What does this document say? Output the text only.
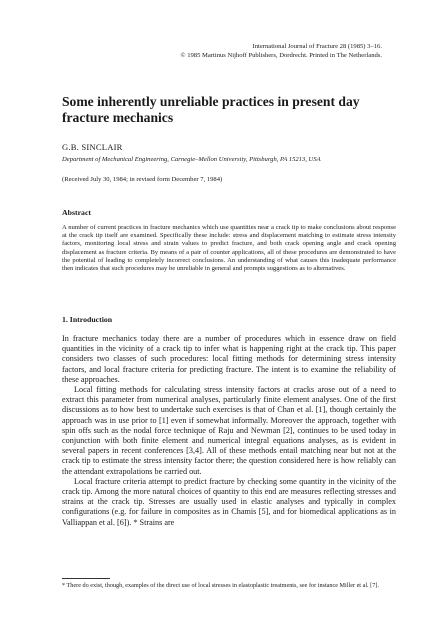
International Journal of Fracture 28 (1985) 3–16.
© 1985 Martinus Nijhoff Publishers, Dordrecht. Printed in The Netherlands.
Some inherently unreliable practices in present day fracture mechanics
G.B. SINCLAIR
Department of Mechanical Engineering, Carnegie–Mellon University, Pittsburgh, PA 15213, USA
(Received July 30, 1984; in revised form December 7, 1984)
Abstract
A number of current practices in fracture mechanics which use quantities near a crack tip to make conclusions about response at the crack tip itself are examined. Specifically these include: stress and displacement matching to estimate stress intensity factors, monitoring local stress and strain values to predict fracture, and both crack opening angle and crack opening displacement as fracture criteria. By means of a pair of counter applications, all of these procedures are demonstrated to have the potential of leading to completely incorrect conclusions. An understanding of what causes this inadequate performance then indicates that such procedures may be unreliable in general and prompts suggestions as to alternatives.
1. Introduction

In fracture mechanics today there are a number of procedures which in essence draw on field quantities in the vicinity of a crack tip to infer what is happening right at the crack tip. This paper considers two classes of such procedures: local fitting methods for determining stress intensity factors, and local fracture criteria for predicting fracture. The intent is to examine the reliability of these approaches.

Local fitting methods for calculating stress intensity factors at cracks arose out of a need to extract this parameter from numerical analyses, particularly finite element analyses. One of the first discussions as to how best to undertake such exercises is that of Chan et al. [1], though certainly the approach was in use prior to [1] even if somewhat informally. Moreover the approach, together with spin offs such as the nodal force technique of Raju and Newman [2], continues to be used today in conjunction with both finite element and numerical integral equations analyses, as is evident in several papers in recent conferences [3,4]. All of these methods entail matching near but not at the crack tip to estimate the stress intensity factor there; the question considered here is how reliably can the attendant extrapolations be carried out.

Local fracture criteria attempt to predict fracture by checking some quantity in the vicinity of the crack tip. Among the more natural choices of quantity to this end are measures reflecting stresses and strains at the crack tip. Stresses are usually used in elastic analyses and typically in complex configurations (e.g. for failure in composites as in Chamis [5], and for biomedical applications as in Valliappan et al. [6]). * Strains are

* There do exist, though, examples of the direct use of local stresses in elastoplastic treatments, see for instance Miller et al. [7].
